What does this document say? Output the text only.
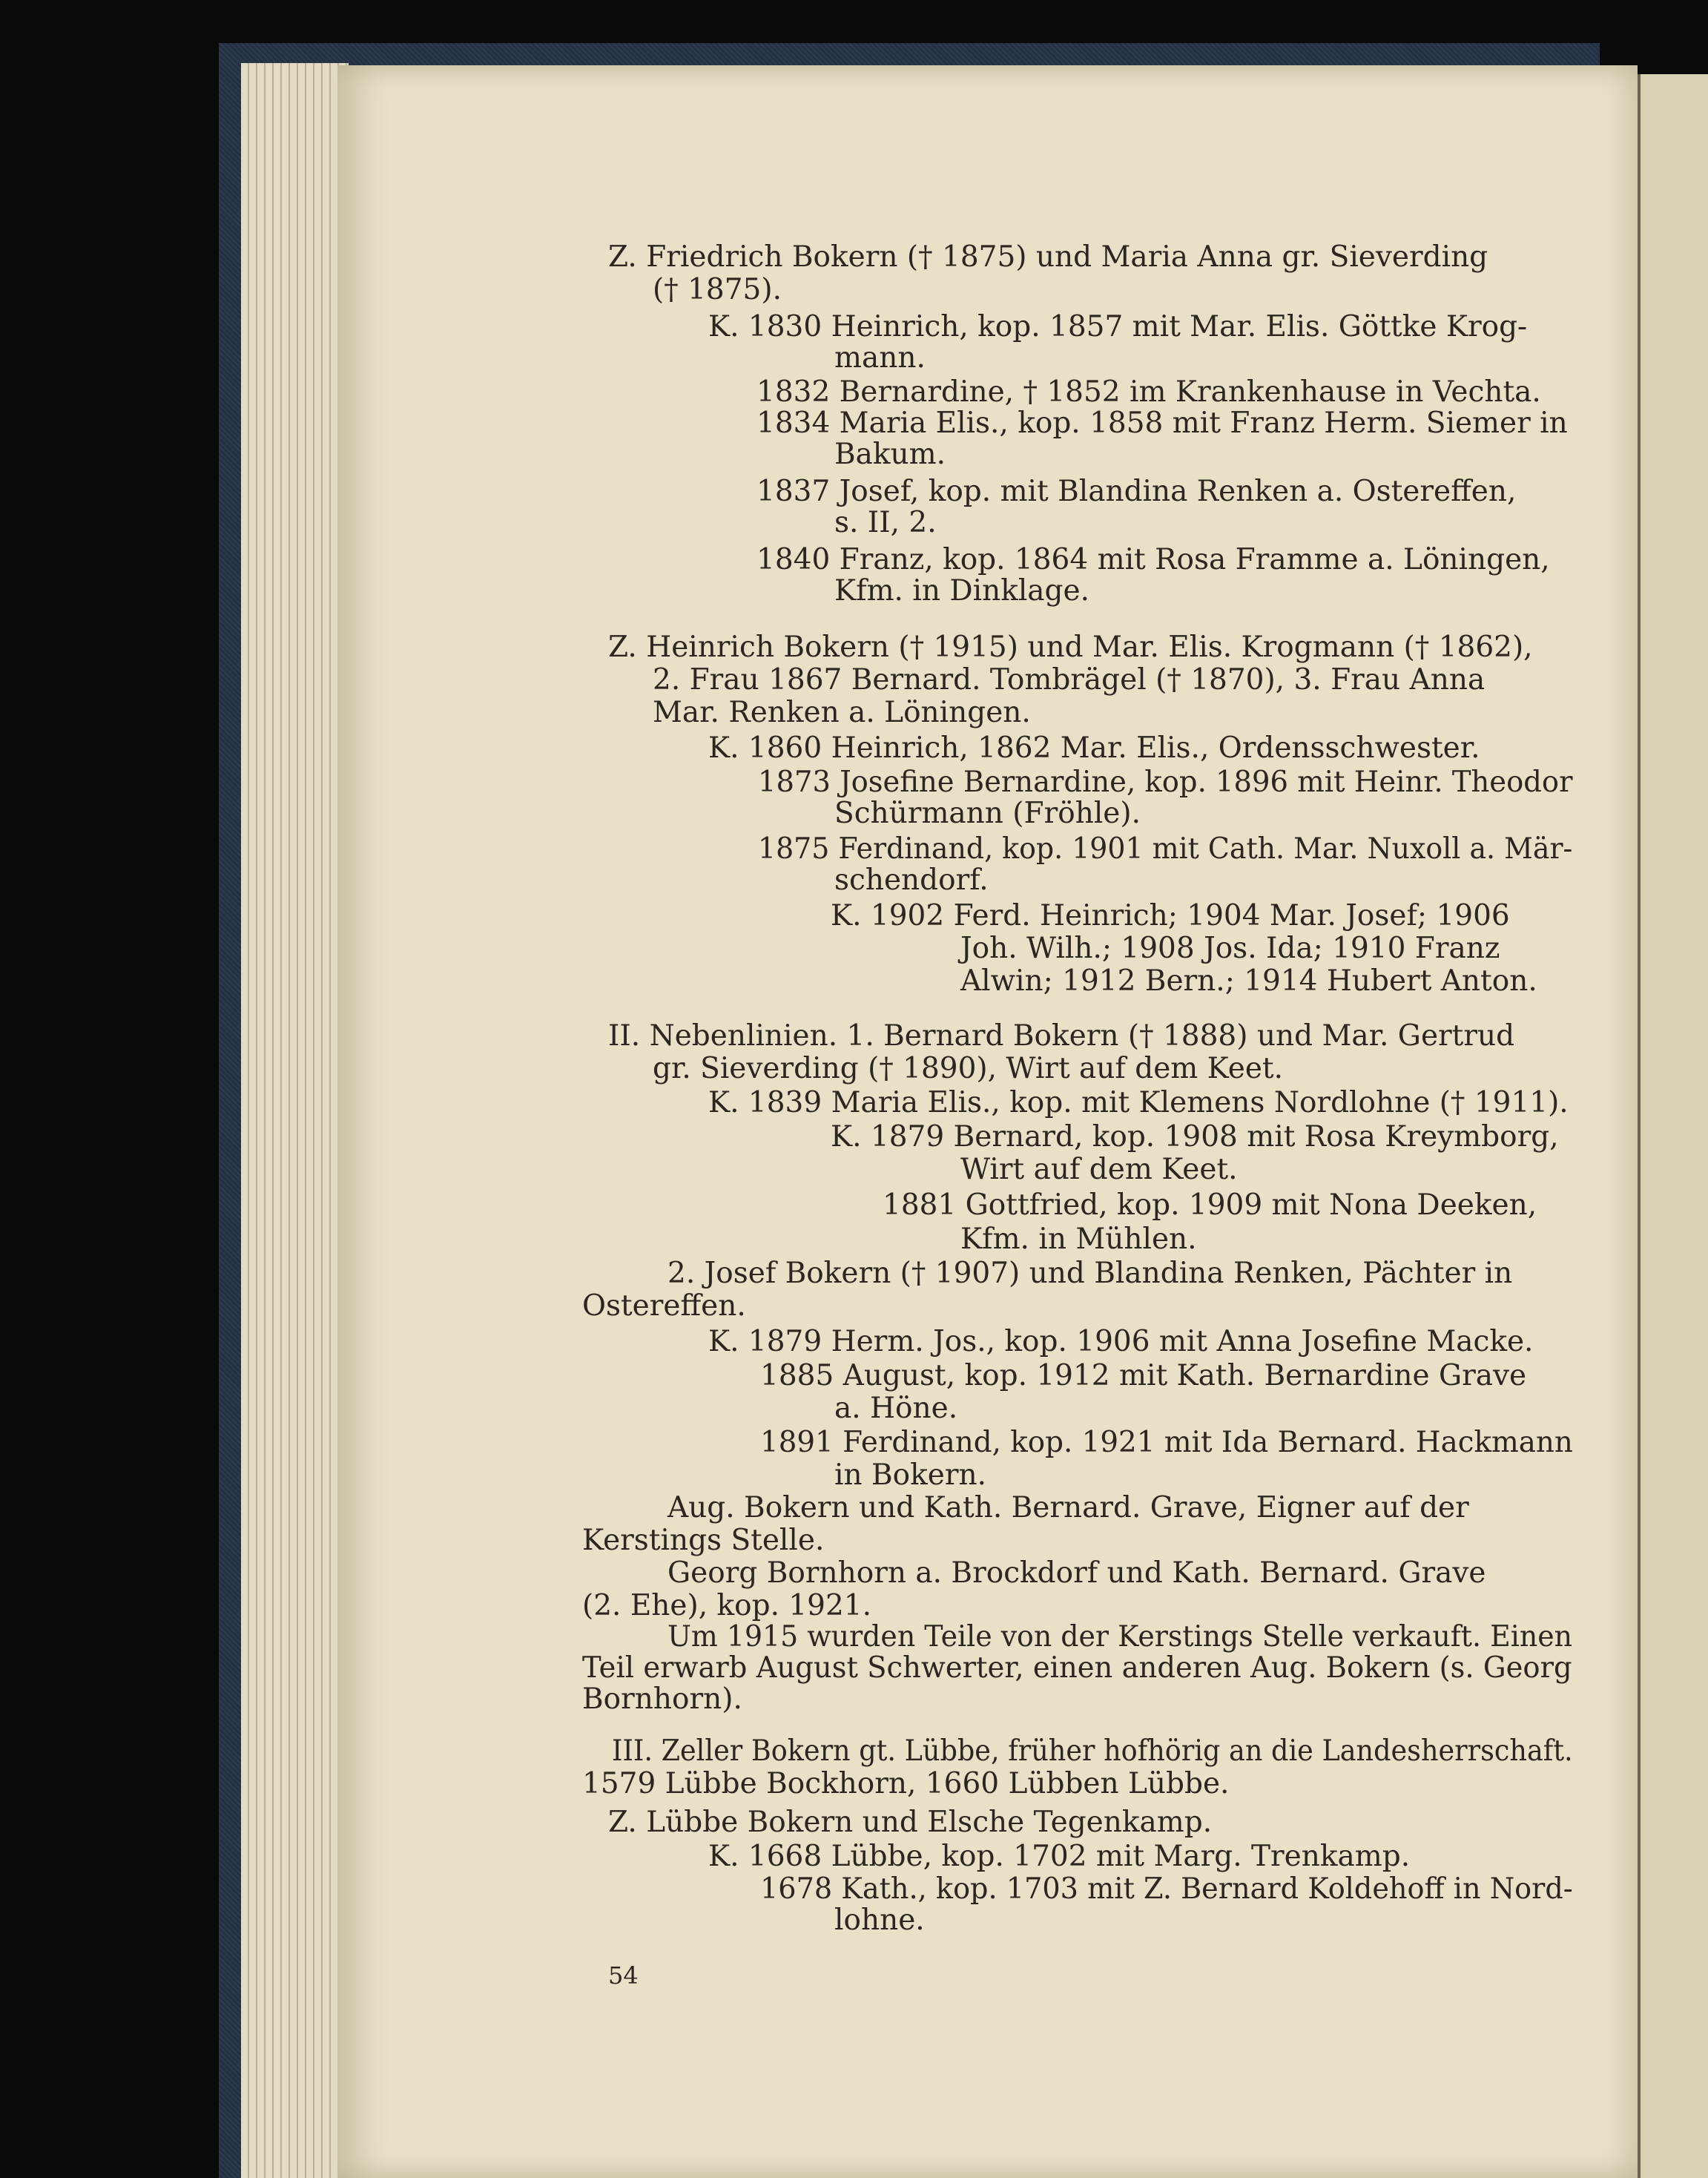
Z. Friedrich Bokern († 1875) und Maria Anna gr. Sieverding
(† 1875).
K. 1830 Heinrich, kop. 1857 mit Mar. Elis. Göttke Krog-
mann.
1832 Bernardine, † 1852 im Krankenhause in Vechta.
1834 Maria Elis., kop. 1858 mit Franz Herm. Siemer in
Bakum.
1837 Josef, kop. mit Blandina Renken a. Ostereffen,
s. II, 2.
1840 Franz, kop. 1864 mit Rosa Framme a. Löningen,
Kfm. in Dinklage.
Z. Heinrich Bokern († 1915) und Mar. Elis. Krogmann († 1862),
2. Frau 1867 Bernard. Tombrägel († 1870), 3. Frau Anna
Mar. Renken a. Löningen.
K. 1860 Heinrich, 1862 Mar. Elis., Ordensschwester.
1873 Josefine Bernardine, kop. 1896 mit Heinr. Theodor
Schürmann (Fröhle).
1875 Ferdinand, kop. 1901 mit Cath. Mar. Nuxoll a. Mär-
schendorf.
K. 1902 Ferd. Heinrich; 1904 Mar. Josef; 1906
Joh. Wilh.; 1908 Jos. Ida; 1910 Franz
Alwin; 1912 Bern.; 1914 Hubert Anton.
II. Nebenlinien. 1. Bernard Bokern († 1888) und Mar. Gertrud
gr. Sieverding († 1890), Wirt auf dem Keet.
K. 1839 Maria Elis., kop. mit Klemens Nordlohne († 1911).
K. 1879 Bernard, kop. 1908 mit Rosa Kreymborg,
Wirt auf dem Keet.
1881 Gottfried, kop. 1909 mit Nona Deeken,
Kfm. in Mühlen.
2. Josef Bokern († 1907) und Blandina Renken, Pächter in
Ostereffen.
K. 1879 Herm. Jos., kop. 1906 mit Anna Josefine Macke.
1885 August, kop. 1912 mit Kath. Bernardine Grave
a. Höne.
1891 Ferdinand, kop. 1921 mit Ida Bernard. Hackmann
in Bokern.
Aug. Bokern und Kath. Bernard. Grave, Eigner auf der
Kerstings Stelle.
Georg Bornhorn a. Brockdorf und Kath. Bernard. Grave
(2. Ehe), kop. 1921.
Um 1915 wurden Teile von der Kerstings Stelle verkauft. Einen
Teil erwarb August Schwerter, einen anderen Aug. Bokern (s. Georg
Bornhorn).
III. Zeller Bokern gt. Lübbe, früher hofhörig an die Landesherrschaft.
1579 Lübbe Bockhorn, 1660 Lübben Lübbe.
Z. Lübbe Bokern und Elsche Tegenkamp.
K. 1668 Lübbe, kop. 1702 mit Marg. Trenkamp.
1678 Kath., kop. 1703 mit Z. Bernard Koldehoff in Nord-
lohne.
54
